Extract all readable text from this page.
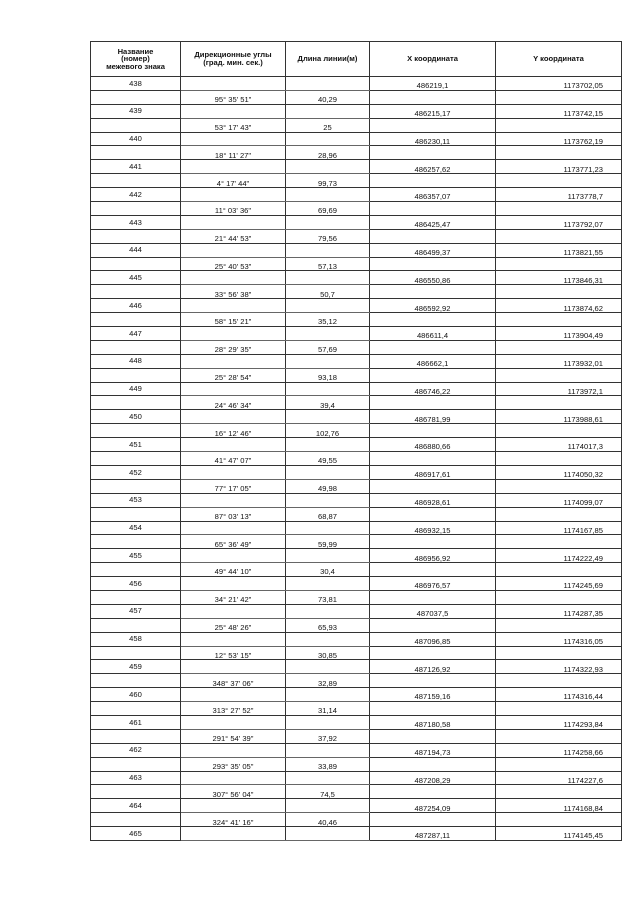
Название
(номер)
межевого знака	Дирекционные углы
(град. мин. сек.)	Длина линии(м)	X координата	Y координата
438			486219,1	1173702,05
	95° 35' 51"	40,29		
439			486215,17	1173742,15
	53° 17' 43"	25		
440			486230,11	1173762,19
	18° 11' 27"	28,96		
441			486257,62	1173771,23
	4° 17' 44"	99,73		
442			486357,07	1173778,7
	11° 03' 36"	69,69		
443			486425,47	1173792,07
	21° 44' 53"	79,56		
444			486499,37	1173821,55
	25° 40' 53"	57,13		
445			486550,86	1173846,31
	33° 56' 38"	50,7		
446			486592,92	1173874,62
	58° 15' 21"	35,12		
447			486611,4	1173904,49
	28° 29' 35"	57,69		
448			486662,1	1173932,01
	25° 28' 54"	93,18		
449			486746,22	1173972,1
	24° 46' 34"	39,4		
450			486781,99	1173988,61
	16° 12' 46"	102,76		
451			486880,66	1174017,3
	41° 47' 07"	49,55		
452			486917,61	1174050,32
	77° 17' 05"	49,98		
453			486928,61	1174099,07
	87° 03' 13"	68,87		
454			486932,15	1174167,85
	65° 36' 49"	59,99		
455			486956,92	1174222,49
	49° 44' 10"	30,4		
456			486976,57	1174245,69
	34° 21' 42"	73,81		
457			487037,5	1174287,35
	25° 48' 26"	65,93		
458			487096,85	1174316,05
	12° 53' 15"	30,85		
459			487126,92	1174322,93
	348° 37' 06"	32,89		
460			487159,16	1174316,44
	313° 27' 52"	31,14		
461			487180,58	1174293,84
	291° 54' 39"	37,92		
462			487194,73	1174258,66
	293° 35' 05"	33,89		
463			487208,29	1174227,6
	307° 56' 04"	74,5		
464			487254,09	1174168,84
	324° 41' 16"	40,46		
465			487287,11	1174145,45
